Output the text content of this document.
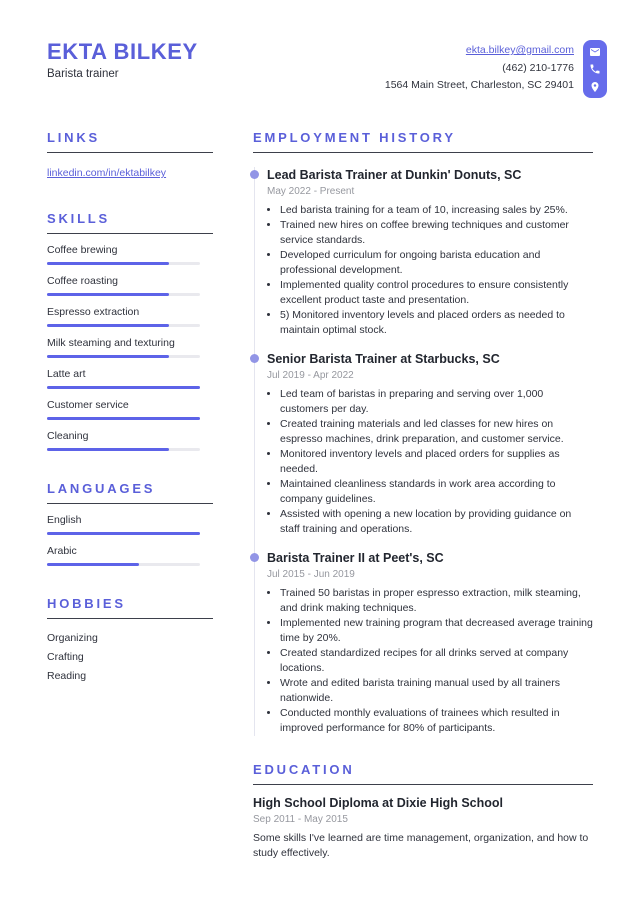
EKTA BILKEY
Barista trainer
ekta.bilkey@gmail.com
(462) 210-1776
1564 Main Street, Charleston, SC 29401
LINKS
linkedin.com/in/ektabilkey
SKILLS
Coffee brewing
Coffee roasting
Espresso extraction
Milk steaming and texturing
Latte art
Customer service
Cleaning
LANGUAGES
English
Arabic
HOBBIES
Organizing
Crafting
Reading
EMPLOYMENT HISTORY
Lead Barista Trainer at Dunkin' Donuts, SC
May 2022 - Present
• Led barista training for a team of 10, increasing sales by 25%.
• Trained new hires on coffee brewing techniques and customer service standards.
• Developed curriculum for ongoing barista education and professional development.
• Implemented quality control procedures to ensure consistently excellent product taste and presentation.
• 5) Monitored inventory levels and placed orders as needed to maintain optimal stock.
Senior Barista Trainer at Starbucks, SC
Jul 2019 - Apr 2022
• Led team of baristas in preparing and serving over 1,000 customers per day.
• Created training materials and led classes for new hires on espresso machines, drink preparation, and customer service.
• Monitored inventory levels and placed orders for supplies as needed.
• Maintained cleanliness standards in work area according to company guidelines.
• Assisted with opening a new location by providing guidance on staff training and operations.
Barista Trainer II at Peet's, SC
Jul 2015 - Jun 2019
• Trained 50 baristas in proper espresso extraction, milk steaming, and drink making techniques.
• Implemented new training program that decreased average training time by 20%.
• Created standardized recipes for all drinks served at company locations.
• Wrote and edited barista training manual used by all trainers nationwide.
• Conducted monthly evaluations of trainees which resulted in improved performance for 80% of participants.
EDUCATION
High School Diploma at Dixie High School
Sep 2011 - May 2015

Some skills I've learned are time management, organization, and how to study effectively.
